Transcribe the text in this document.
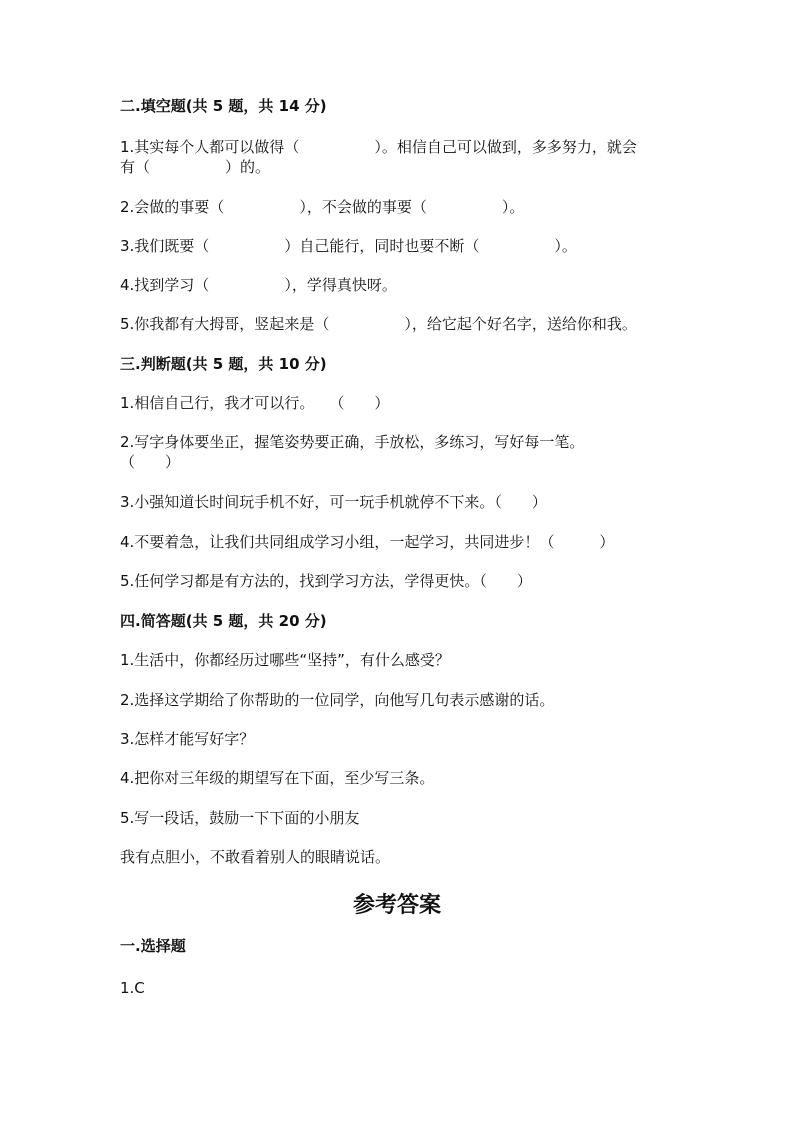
二.填空题(共 5 题，共 14 分)
1.其实每个人都可以做得（　　　　　）。相信自己可以做到，多多努力，就会
有（　　　　　）的。
2.会做的事要（　　　　　），不会做的事要（　　　　　）。
3.我们既要（　　　　　）自己能行，同时也要不断（　　　　　）。
4.找到学习（　　　　　），学得真快呀。
5.你我都有大拇哥，竖起来是（　　　　　），给它起个好名字，送给你和我。
三.判断题(共 5 题，共 10 分)
1.相信自己行，我才可以行。　　（　　）
2.写字身体要坐正，握笔姿势要正确，手放松，多练习，写好每一笔。
（　　）
3.小强知道长时间玩手机不好，可一玩手机就停不下来。（　　）
4.不要着急，让我们共同组成学习小组，一起学习，共同进步！（　　　）
5.任何学习都是有方法的，找到学习方法，学得更快。（　　）
四.简答题(共 5 题，共 20 分)
1.生活中，你都经历过哪些“坚持”，有什么感受？
2.选择这学期给了你帮助的一位同学，向他写几句表示感谢的话。
3.怎样才能写好字？
4.把你对三年级的期望写在下面，至少写三条。
5.写一段话，鼓励一下下面的小朋友
我有点胆小，不敢看着别人的眼睛说话。
参考答案
一.选择题
1.C
